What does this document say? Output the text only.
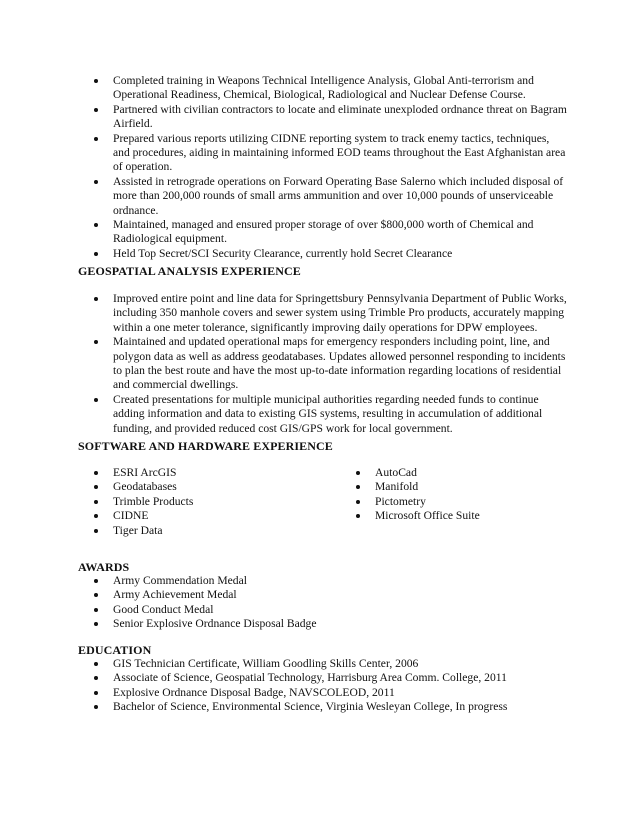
Completed training in Weapons Technical Intelligence Analysis, Global Anti-terrorism and Operational Readiness, Chemical, Biological, Radiological and Nuclear Defense Course.
Partnered with civilian contractors to locate and eliminate unexploded ordnance threat on Bagram Airfield.
Prepared various reports utilizing CIDNE reporting system to track enemy tactics, techniques, and procedures, aiding in maintaining informed EOD teams throughout the East Afghanistan area of operation.
Assisted in retrograde operations on Forward Operating Base Salerno which included disposal of more than 200,000 rounds of small arms ammunition and over 10,000 pounds of unserviceable ordnance.
Maintained, managed and ensured proper storage of over $800,000 worth of Chemical and Radiological equipment.
Held Top Secret/SCI Security Clearance, currently hold Secret Clearance
GEOSPATIAL ANALYSIS EXPERIENCE
Improved entire point and line data for Springettsbury Pennsylvania Department of Public Works, including 350 manhole covers and sewer system using Trimble Pro products, accurately mapping within a one meter tolerance, significantly improving daily operations for DPW employees.
Maintained and updated operational maps for emergency responders including point, line, and polygon data as well as address geodatabases. Updates allowed personnel responding to incidents to plan the best route and have the most up-to-date information regarding locations of residential and commercial dwellings.
Created presentations for multiple municipal authorities regarding needed funds to continue adding information and data to existing GIS systems, resulting in accumulation of additional funding, and provided reduced cost GIS/GPS work for local government.
SOFTWARE AND HARDWARE EXPERIENCE
ESRI ArcGIS
Geodatabases
Trimble Products
CIDNE
Tiger Data
AutoCad
Manifold
Pictometry
Microsoft Office Suite
AWARDS
Army Commendation Medal
Army Achievement Medal
Good Conduct Medal
Senior Explosive Ordnance Disposal Badge
EDUCATION
GIS Technician Certificate, William Goodling Skills Center, 2006
Associate of Science, Geospatial Technology, Harrisburg Area Comm. College, 2011
Explosive Ordnance Disposal Badge, NAVSCOLEOD, 2011
Bachelor of Science, Environmental Science, Virginia Wesleyan College, In progress
